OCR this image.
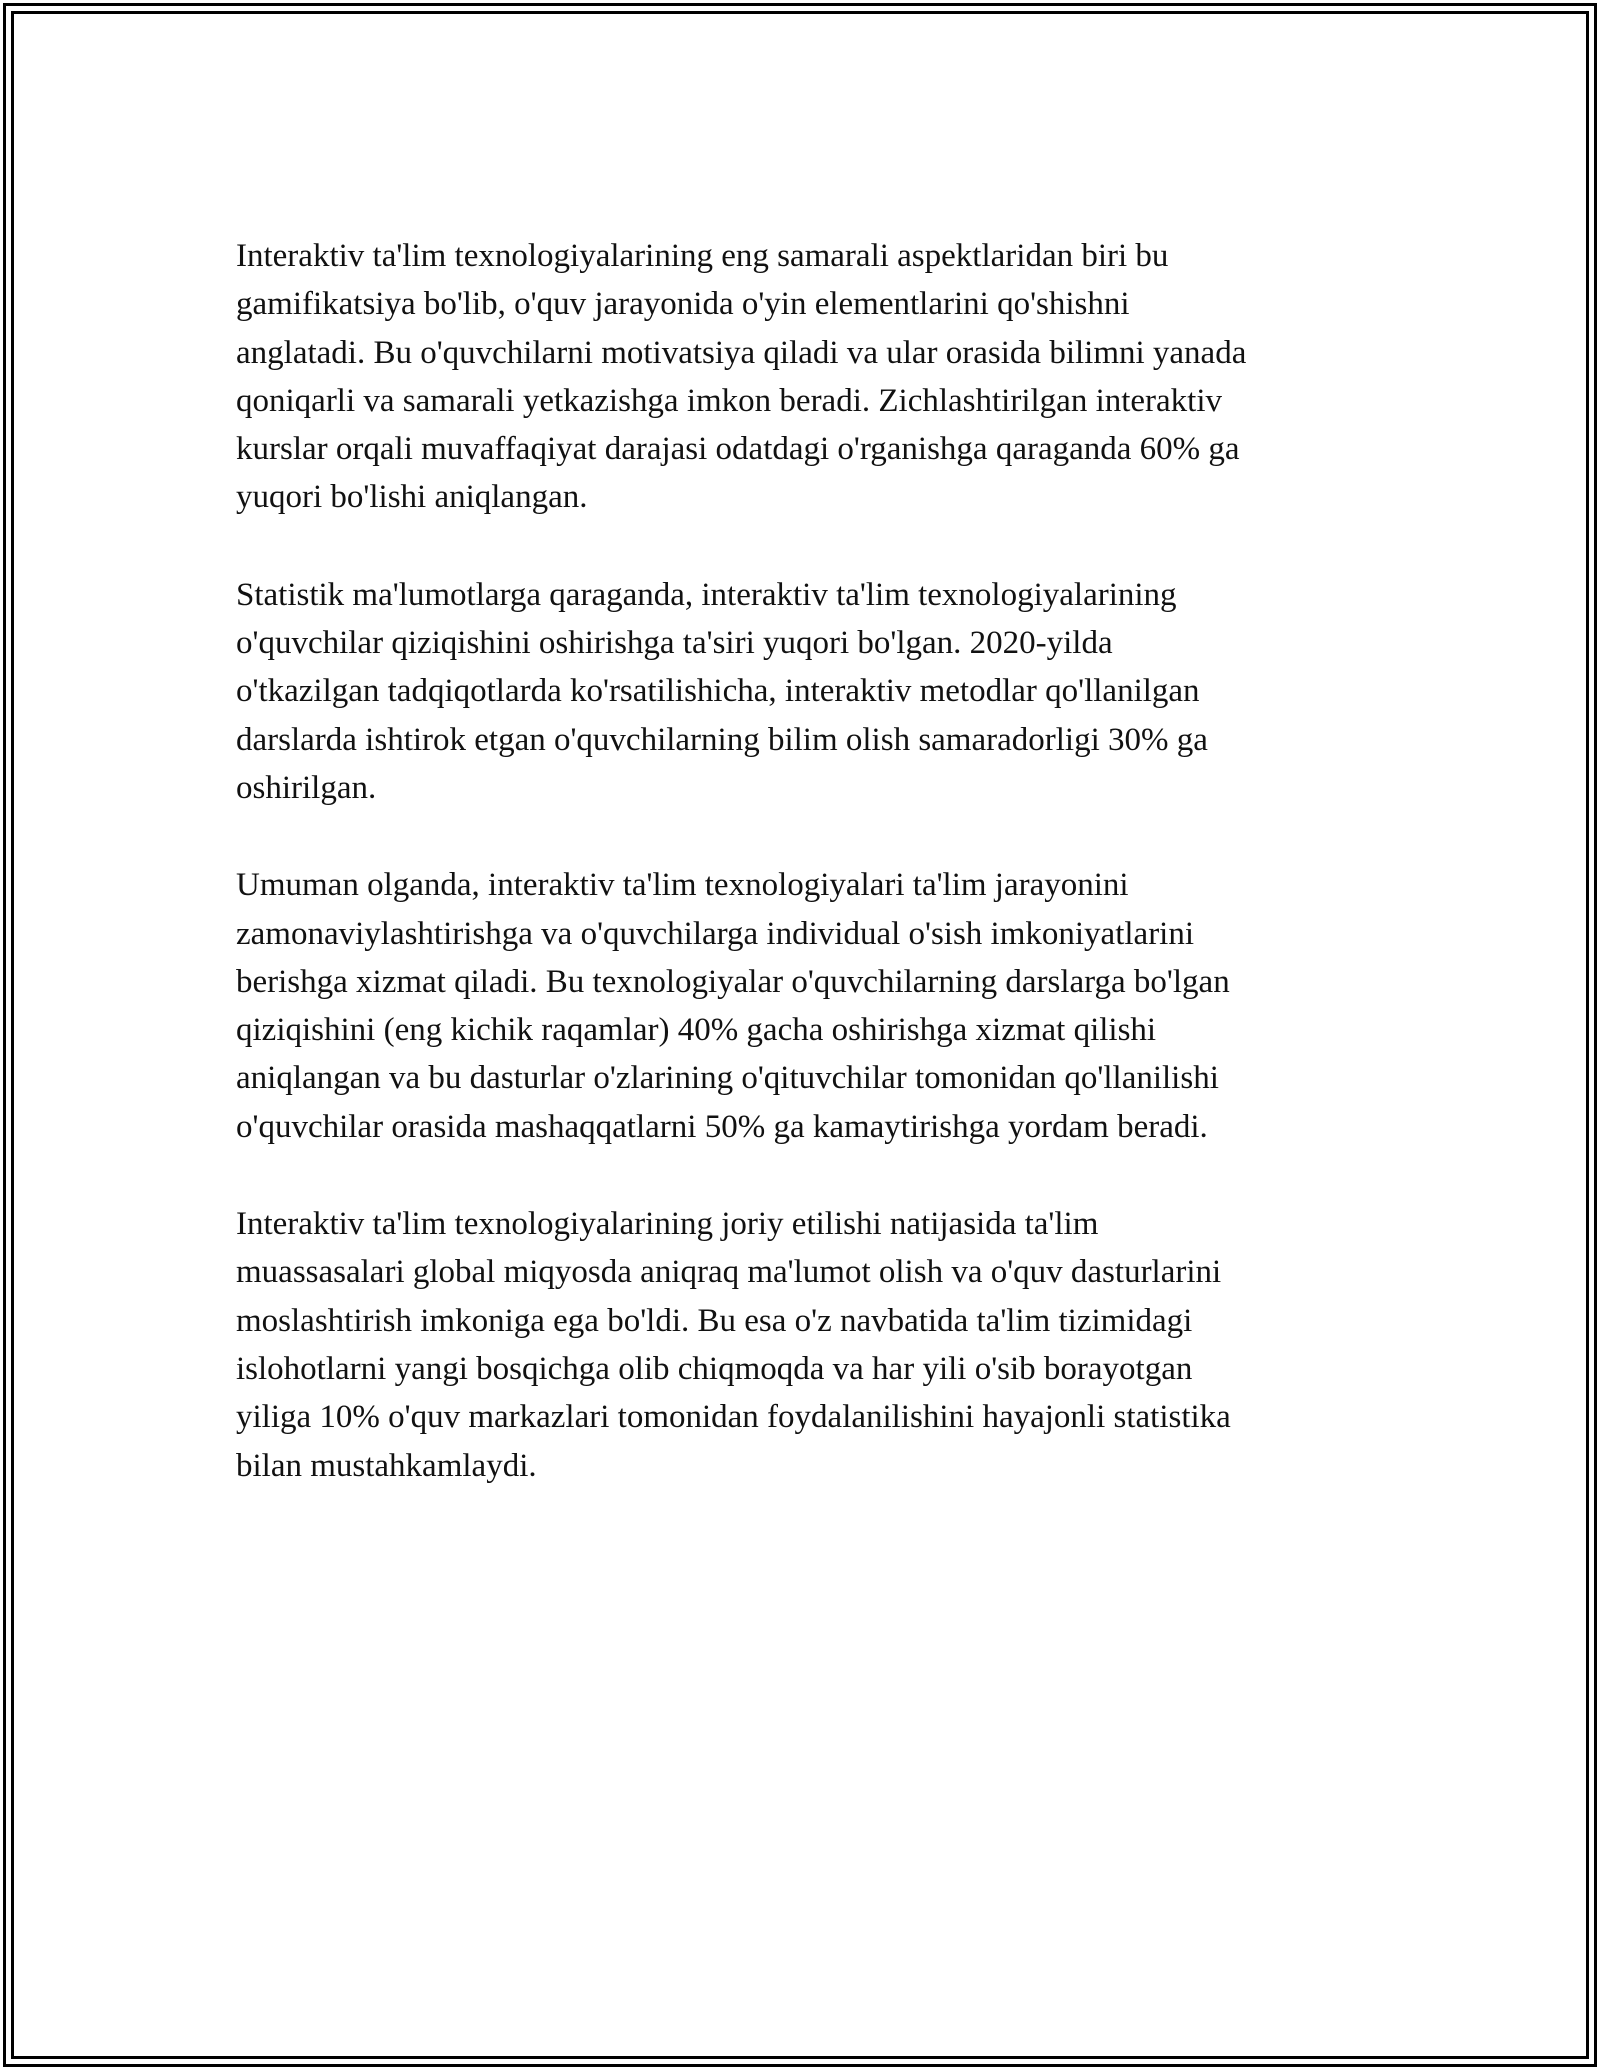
Interaktiv ta'lim texnologiyalarining eng samarali aspektlaridan biri bu
gamifikatsiya bo'lib, o'quv jarayonida o'yin elementlarini qo'shishni
anglatadi. Bu o'quvchilarni motivatsiya qiladi va ular orasida bilimni yanada
qoniqarli va samarali yetkazishga imkon beradi. Zichlashtirilgan interaktiv
kurslar orqali muvaffaqiyat darajasi odatdagi o'rganishga qaraganda 60% ga
yuqori bo'lishi aniqlangan.

Statistik ma'lumotlarga qaraganda, interaktiv ta'lim texnologiyalarining
o'quvchilar qiziqishini oshirishga ta'siri yuqori bo'lgan. 2020-yilda
o'tkazilgan tadqiqotlarda ko'rsatilishicha, interaktiv metodlar qo'llanilgan
darslarda ishtirok etgan o'quvchilarning bilim olish samaradorligi 30% ga
oshirilgan.

Umuman olganda, interaktiv ta'lim texnologiyalari ta'lim jarayonini
zamonaviylashtirishga va o'quvchilarga individual o'sish imkoniyatlarini
berishga xizmat qiladi. Bu texnologiyalar o'quvchilarning darslarga bo'lgan
qiziqishini (eng kichik raqamlar) 40% gacha oshirishga xizmat qilishi
aniqlangan va bu dasturlar o'zlarining o'qituvchilar tomonidan qo'llanilishi
o'quvchilar orasida mashaqqatlarni 50% ga kamaytirishga yordam beradi.

Interaktiv ta'lim texnologiyalarining joriy etilishi natijasida ta'lim
muassasalari global miqyosda aniqraq ma'lumot olish va o'quv dasturlarini
moslashtirish imkoniga ega bo'ldi. Bu esa o'z navbatida ta'lim tizimidagi
islohotlarni yangi bosqichga olib chiqmoqda va har yili o'sib borayotgan
yiliga 10% o'quv markazlari tomonidan foydalanilishini hayajonli statistika
bilan mustahkamlaydi.
